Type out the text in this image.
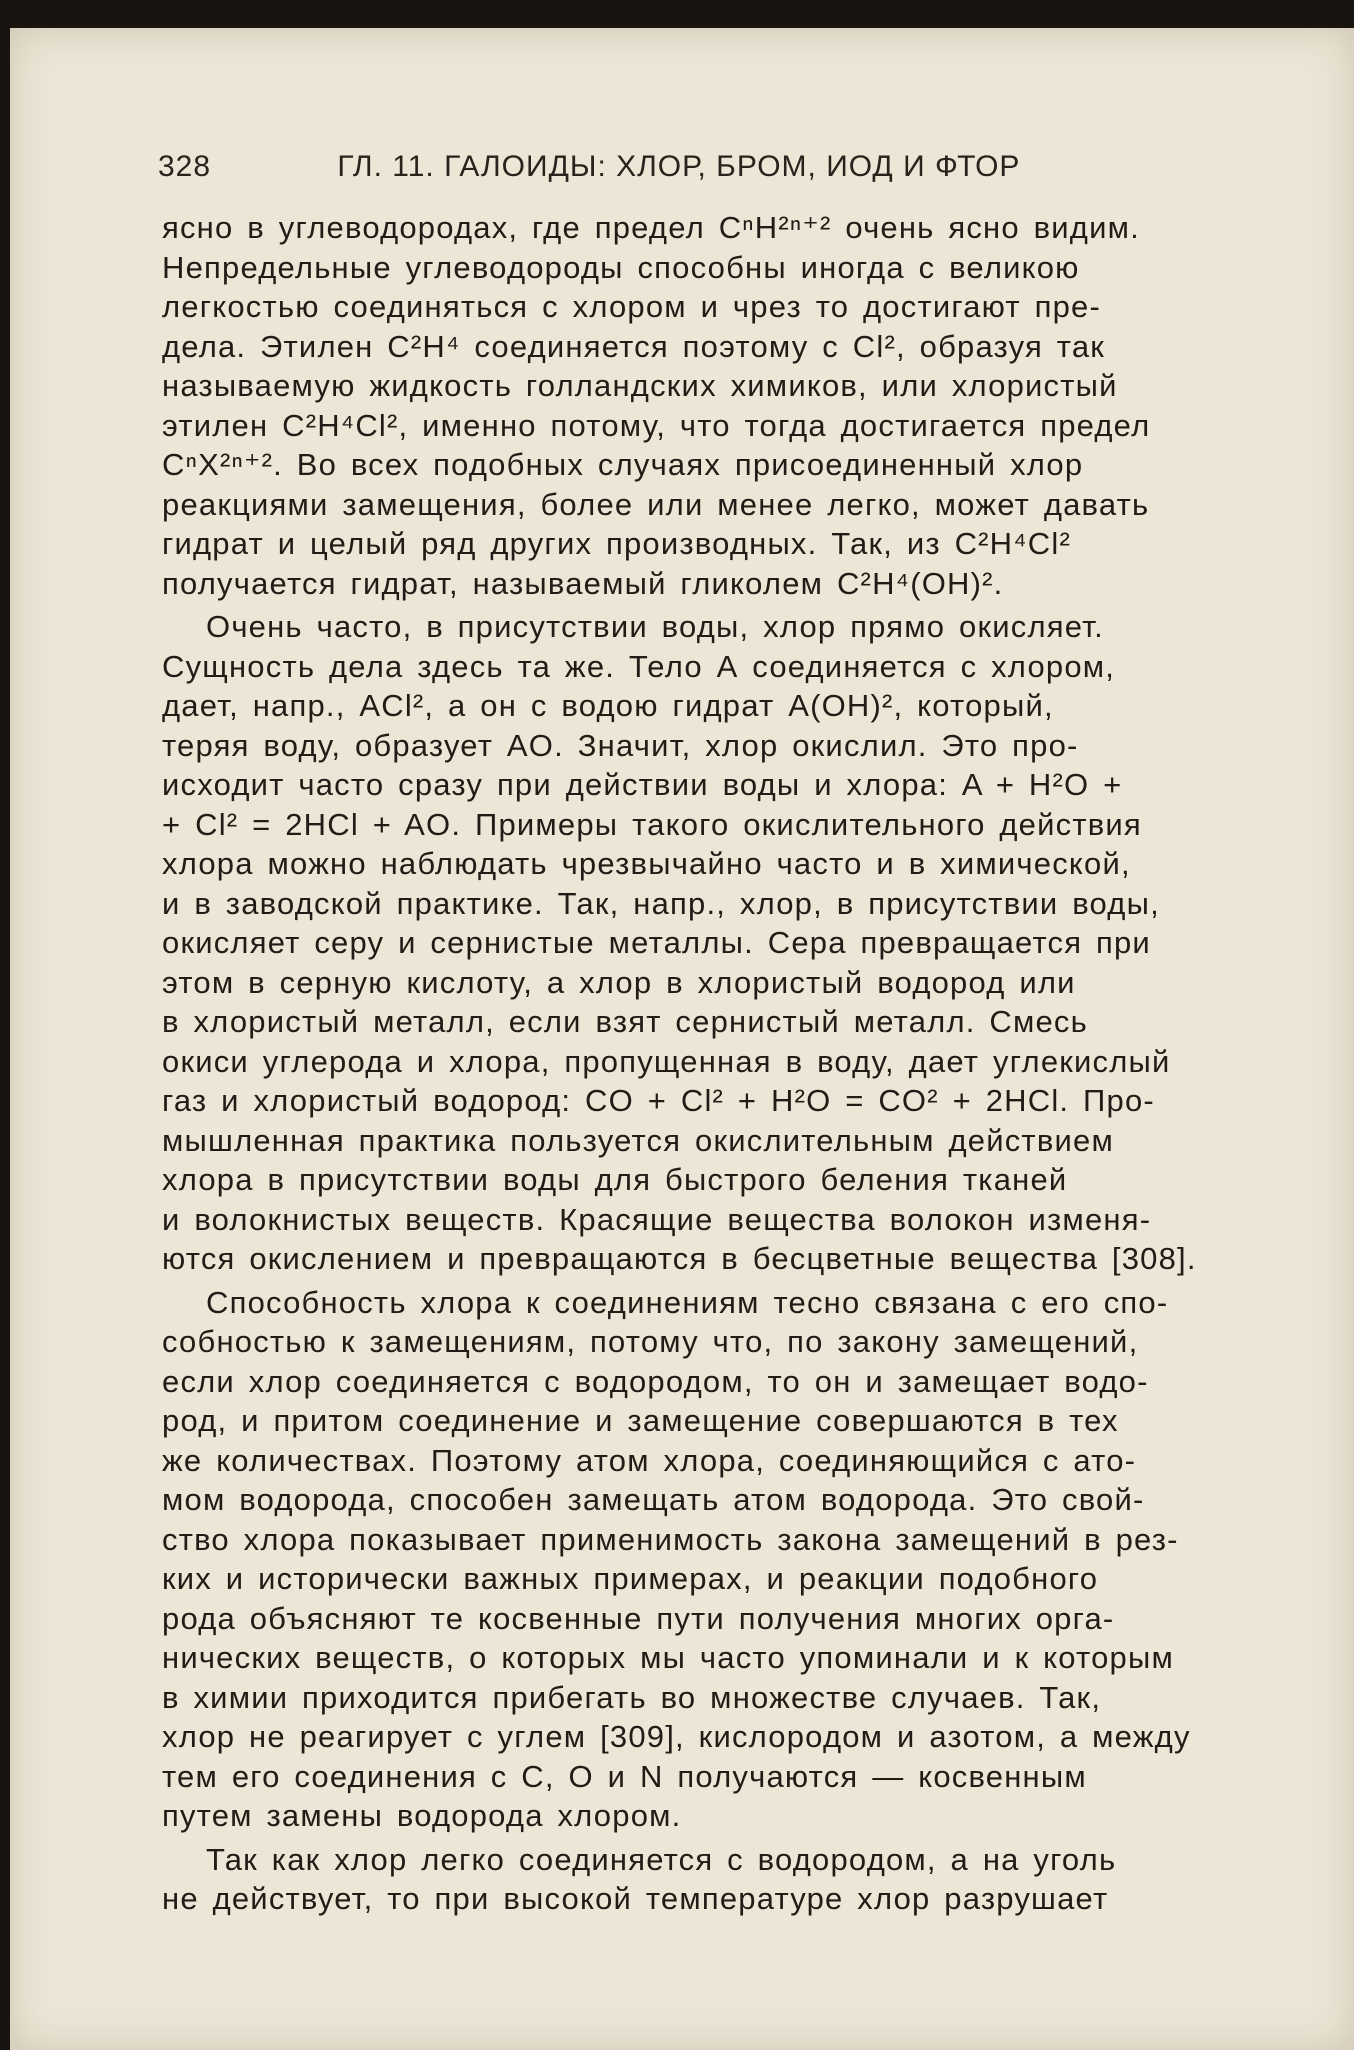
328	ГЛ. 11. ГАЛОИДЫ: ХЛОР, БРОМ, ИОД И ФТОР
ясно в углеводородах, где предел CⁿH²ⁿ⁺² очень ясно видим.
Непредельные углеводороды способны иногда с великою
легкостью соединяться с хлором и чрез то достигают пре-
дела. Этилен C²H⁴ соединяется поэтому с Cl², образуя так
называемую жидкость голландских химиков, или хлористый
этилен C²H⁴Cl², именно потому, что тогда достигается предел
CⁿX²ⁿ⁺². Во всех подобных случаях присоединенный хлор
реакциями замещения, более или менее легко, может давать
гидрат и целый ряд других производных. Так, из C²H⁴Cl²
получается гидрат, называемый гликолем C²H⁴(OH)².
Очень часто, в присутствии воды, хлор прямо окисляет.
Сущность дела здесь та же. Тело А соединяется с хлором,
дает, напр., ACl², а он с водою гидрат A(OH)², который,
теряя воду, образует AO. Значит, хлор окислил. Это про-
исходит часто сразу при действии воды и хлора: A + H²O +
+ Cl² = 2HCl + AO. Примеры такого окислительного действия
хлора можно наблюдать чрезвычайно часто и в химической,
и в заводской практике. Так, напр., хлор, в присутствии воды,
окисляет серу и сернистые металлы. Сера превращается при
этом в серную кислоту, а хлор в хлористый водород или
в хлористый металл, если взят сернистый металл. Смесь
окиси углерода и хлора, пропущенная в воду, дает углекислый
газ и хлористый водород: CO + Cl² + H²O = CO² + 2HCl. Про-
мышленная практика пользуется окислительным действием
хлора в присутствии воды для быстрого беления тканей
и волокнистых веществ. Красящие вещества волокон изменя-
ются окислением и превращаются в бесцветные вещества [308].
Способность хлора к соединениям тесно связана с его спо-
собностью к замещениям, потому что, по закону замещений,
если хлор соединяется с водородом, то он и замещает водо-
род, и притом соединение и замещение совершаются в тех
же количествах. Поэтому атом хлора, соединяющийся с ато-
мом водорода, способен замещать атом водорода. Это свой-
ство хлора показывает применимость закона замещений в рез-
ких и исторически важных примерах, и реакции подобного
рода объясняют те косвенные пути получения многих орга-
нических веществ, о которых мы часто упоминали и к которым
в химии приходится прибегать во множестве случаев. Так,
хлор не реагирует с углем [309], кислородом и азотом, а между
тем его соединения с C, O и N получаются — косвенным
путем замены водорода хлором.
Так как хлор легко соединяется с водородом, а на уголь
не действует, то при высокой температуре хлор разрушает
